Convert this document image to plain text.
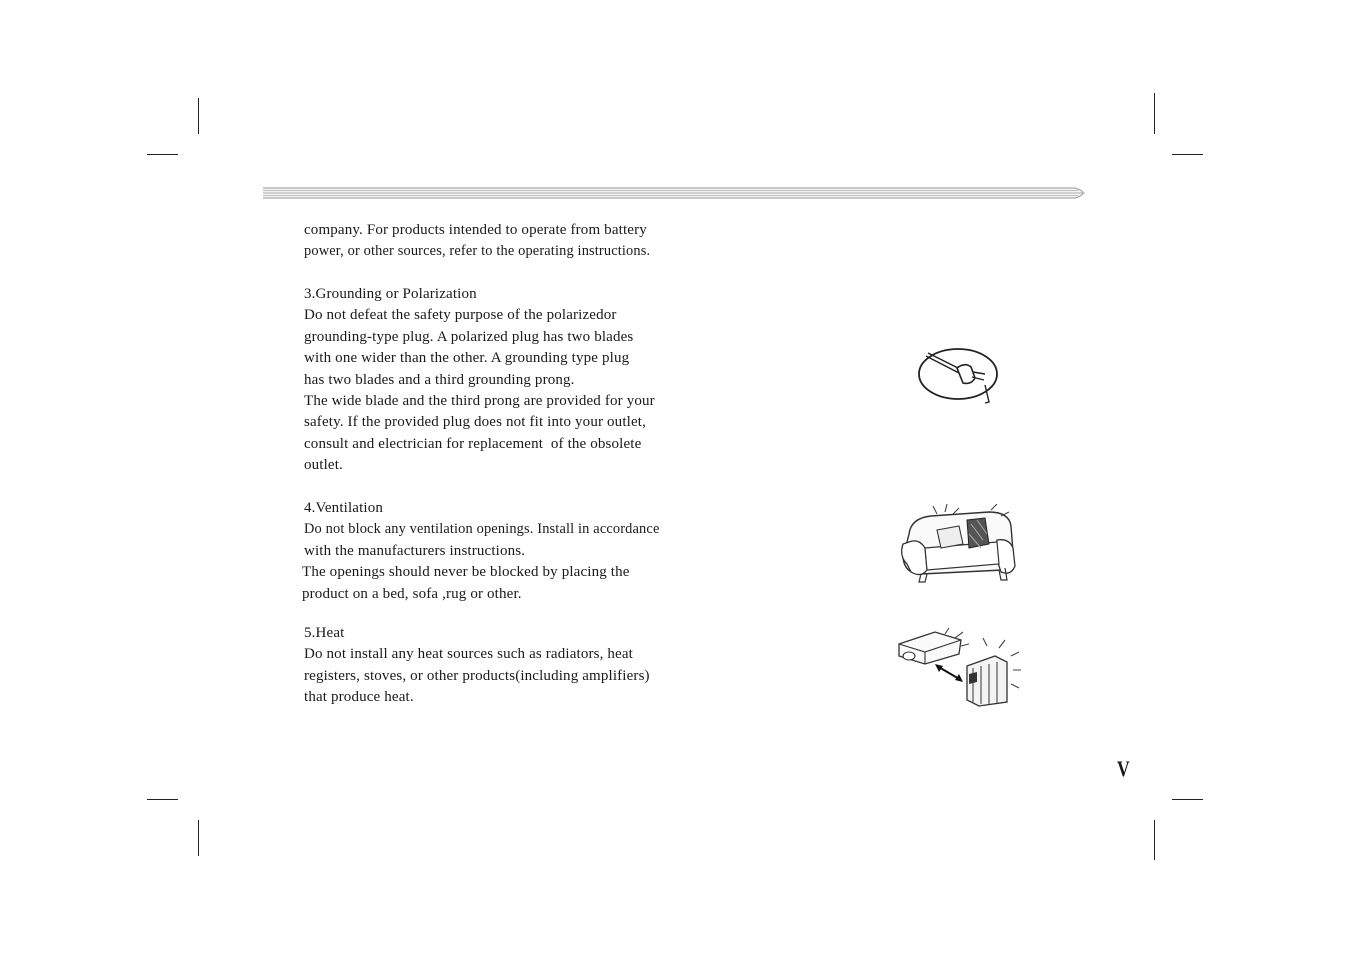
company. For products intended to operate from battery
power, or other sources, refer to the operating instructions.
3.Grounding or Polarization
Do not defeat the safety purpose of the polarizedor
grounding-type plug. A polarized plug has two blades
with one wider than the other. A grounding type plug
has two blades and a third grounding prong.
The wide blade and the third prong are provided for your
safety. If the provided plug does not fit into your outlet,
consult and electrician for replacement  of the obsolete
outlet.
4.Ventilation
Do not block any ventilation openings. Install in accordance
with the manufacturers instructions.
The openings should never be blocked by placing the
product on a bed, sofa ,rug or other.
5.Heat
Do not install any heat sources such as radiators, heat
registers, stoves, or other products(including amplifiers)
that produce heat.
V
